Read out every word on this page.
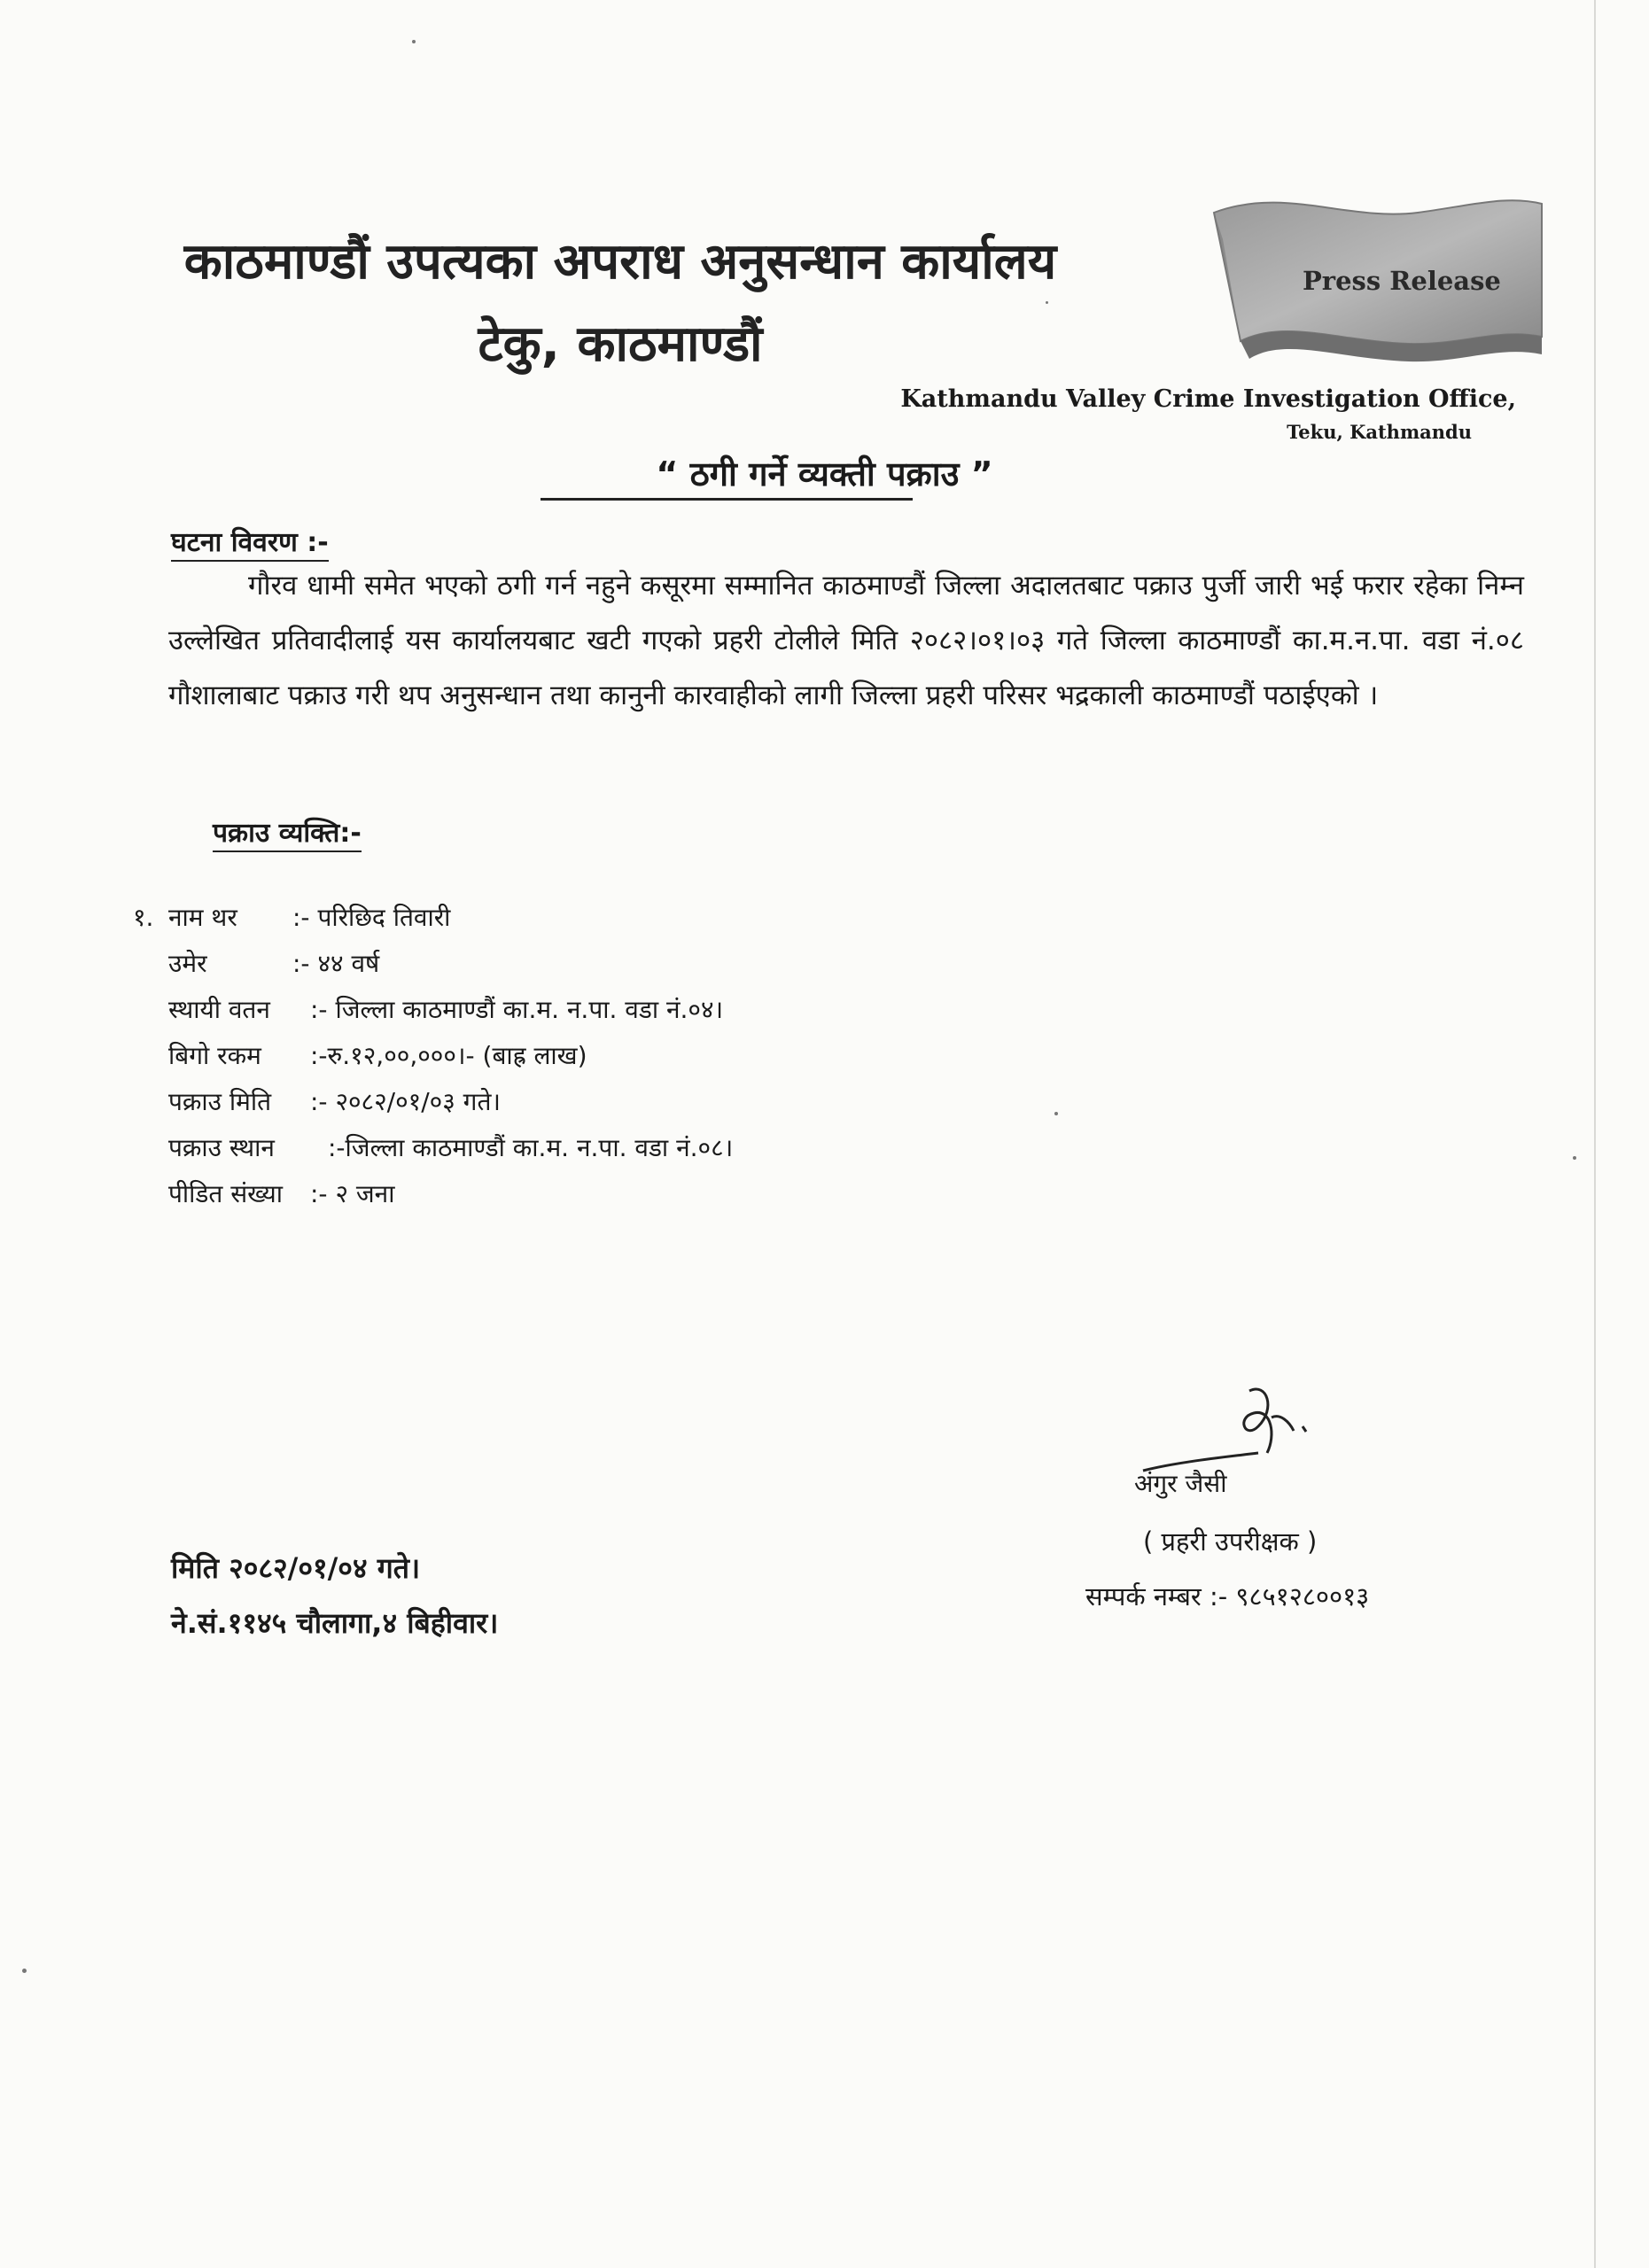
काठमाण्डौं उपत्यका अपराध अनुसन्धान कार्यालय
टेकु, काठमाण्डौं
Press Release
Kathmandu Valley Crime Investigation Office,
Teku, Kathmandu
“ ठगी गर्ने व्यक्ती पक्राउ ”
घटना विवरण :-
गौरव धामी समेत भएको ठगी गर्न नहुने कसूरमा सम्मानित काठमाण्डौं जिल्ला अदालतबाट पक्राउ पुर्जी जारी भई फरार रहेका निम्न उल्लेखित प्रतिवादीलाई यस कार्यालयबाट खटी गएको प्रहरी टोलीले मिति २०८२।०१।०३ गते जिल्ला काठमाण्डौं का.म.न.पा. वडा नं.०८ गौशालाबाट पक्राउ गरी थप अनुसन्धान तथा कानुनी कारवाहीको लागी जिल्ला प्रहरी परिसर भद्रकाली काठमाण्डौं पठाईएको ।
पक्राउ व्यक्ति:-
१. नाम थर :- परिछिद तिवारी
उमेर	:- ४४ वर्ष
स्थायी वतन :- जिल्ला काठमाण्डौं का.म. न.पा. वडा नं.०४।
बिगो रकम :-रु.१२,००,०००।- (बाह्र लाख)
पक्राउ मिति :- २०८२/०१/०३ गते।
पक्राउ स्थान :-जिल्ला काठमाण्डौं का.म. न.पा. वडा नं.०८।
पीडित संख्या :- २ जना
अंगुर जैसी
( प्रहरी उपरीक्षक )
सम्पर्क नम्बर :- ९८५१२८००१३
मिति २०८२/०१/०४ गते।
ने.सं.११४५ चौलागा,४ बिहीवार।
